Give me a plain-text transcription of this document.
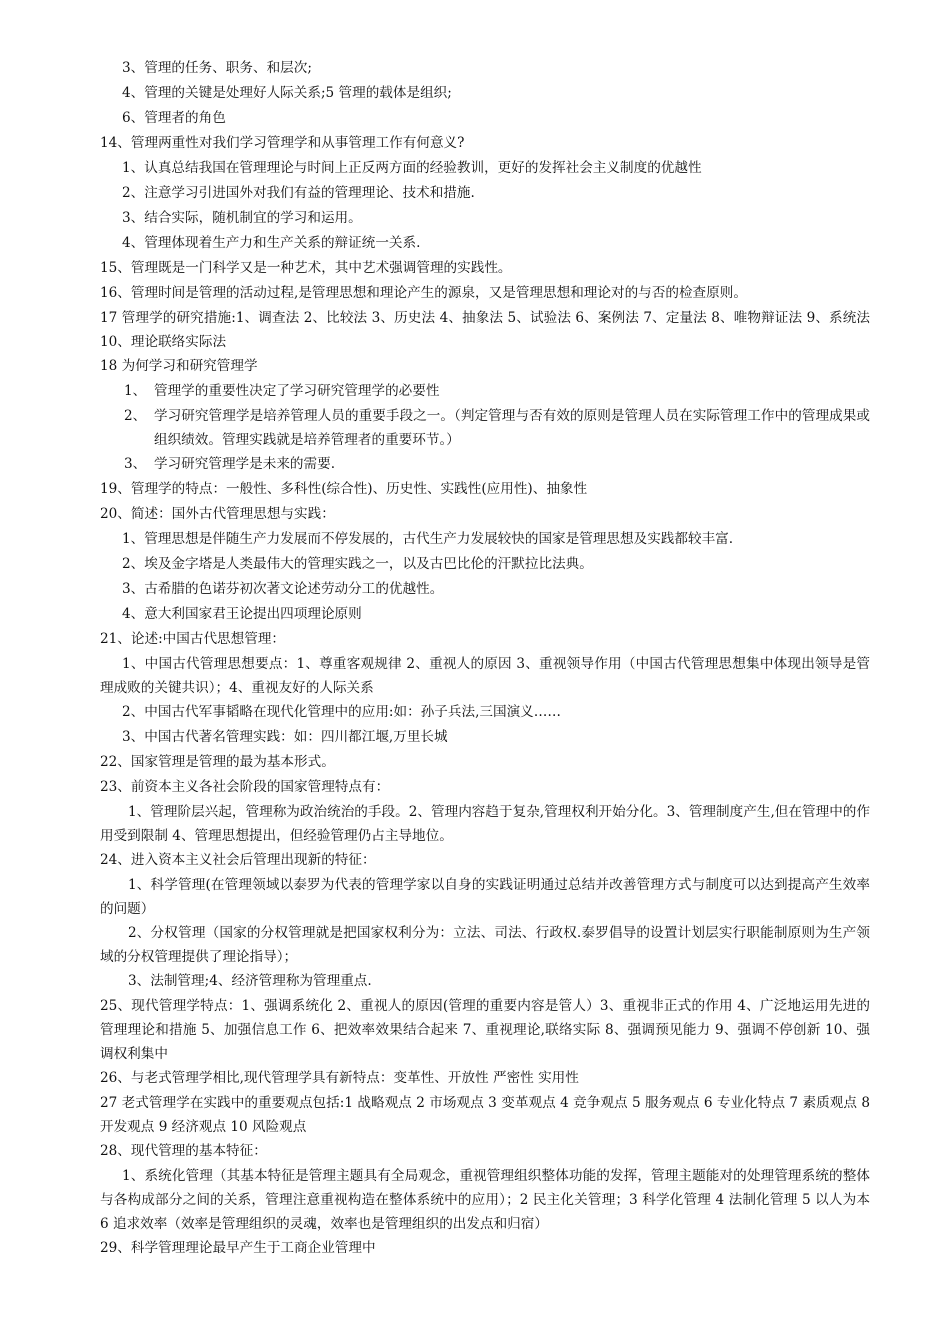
3、管理的任务、职务、和层次;
4、管理的关键是处理好人际关系;5 管理的载体是组织;
6、管理者的角色
14、管理两重性对我们学习管理学和从事管理工作有何意义?
1、认真总结我国在管理理论与时间上正反两方面的经验教训，更好的发挥社会主义制度的优越性
2、注意学习引进国外对我们有益的管理理论、技术和措施.
3、结合实际，随机制宜的学习和运用。
4、管理体现着生产力和生产关系的辩证统一关系.
15、管理既是一门科学又是一种艺术，其中艺术强调管理的实践性。
16、管理时间是管理的活动过程,是管理思想和理论产生的源泉，又是管理思想和理论对的与否的检查原则。
17 管理学的研究措施:1、调查法 2、比较法 3、历史法 4、抽象法 5、试验法 6、案例法 7、定量法 8、唯物辩证法 9、系统法 10、理论联络实际法
18 为何学习和研究管理学
1、 管理学的重要性决定了学习研究管理学的必要性
2、 学习研究管理学是培养管理人员的重要手段之一。（判定管理与否有效的原则是管理人员在实际管理工作中的管理成果或组织绩效。管理实践就是培养管理者的重要环节。）
3、 学习研究管理学是未来的需要.
19、管理学的特点：一般性、多科性(综合性)、历史性、实践性(应用性)、抽象性
20、简述：国外古代管理思想与实践：
1、管理思想是伴随生产力发展而不停发展的，古代生产力发展较快的国家是管理思想及实践都较丰富.
2、埃及金字塔是人类最伟大的管理实践之一，以及古巴比伦的汗默拉比法典。
3、古希腊的色诺芬初次著文论述劳动分工的优越性。
4、意大利国家君王论提出四项理论原则
21、论述:中国古代思想管理：
1、中国古代管理思想要点：1、尊重客观规律 2、重视人的原因 3、重视领导作用（中国古代管理思想集中体现出领导是管理成败的关键共识）；4、重视友好的人际关系
2、中国古代军事韬略在现代化管理中的应用:如：孙子兵法,三国演义……
3、中国古代著名管理实践：如：四川都江堰,万里长城
22、国家管理是管理的最为基本形式。
23、前资本主义各社会阶段的国家管理特点有：
1、管理阶层兴起，管理称为政治统治的手段。2、管理内容趋于复杂,管理权利开始分化。3、管理制度产生,但在管理中的作用受到限制 4、管理思想提出，但经验管理仍占主导地位。
24、进入资本主义社会后管理出现新的特征：
1、科学管理(在管理领域以泰罗为代表的管理学家以自身的实践证明通过总结并改善管理方式与制度可以达到提高产生效率的问题）
2、分权管理（国家的分权管理就是把国家权利分为：立法、司法、行政权.泰罗倡导的设置计划层实行职能制原则为生产领域的分权管理提供了理论指导）；
3、法制管理;4、经济管理称为管理重点.
25、现代管理学特点：1、强调系统化 2、重视人的原因(管理的重要内容是管人）3、重视非正式的作用 4、广泛地运用先进的管理理论和措施 5、加强信息工作 6、把效率效果结合起来 7、重视理论,联络实际 8、强调预见能力 9、强调不停创新 10、强调权利集中
26、与老式管理学相比,现代管理学具有新特点：变革性、开放性 严密性 实用性
27 老式管理学在实践中的重要观点包括:1 战略观点 2 市场观点 3 变革观点 4 竞争观点 5 服务观点 6 专业化特点 7 素质观点 8 开发观点 9 经济观点 10 风险观点
28、现代管理的基本特征：
1、系统化管理（其基本特征是管理主题具有全局观念，重视管理组织整体功能的发挥，管理主题能对的处理管理系统的整体与各构成部分之间的关系，管理注意重视构造在整体系统中的应用）；2 民主化关管理；3 科学化管理 4 法制化管理 5 以人为本 6 追求效率（效率是管理组织的灵魂，效率也是管理组织的出发点和归宿）
29、科学管理理论最早产生于工商企业管理中
